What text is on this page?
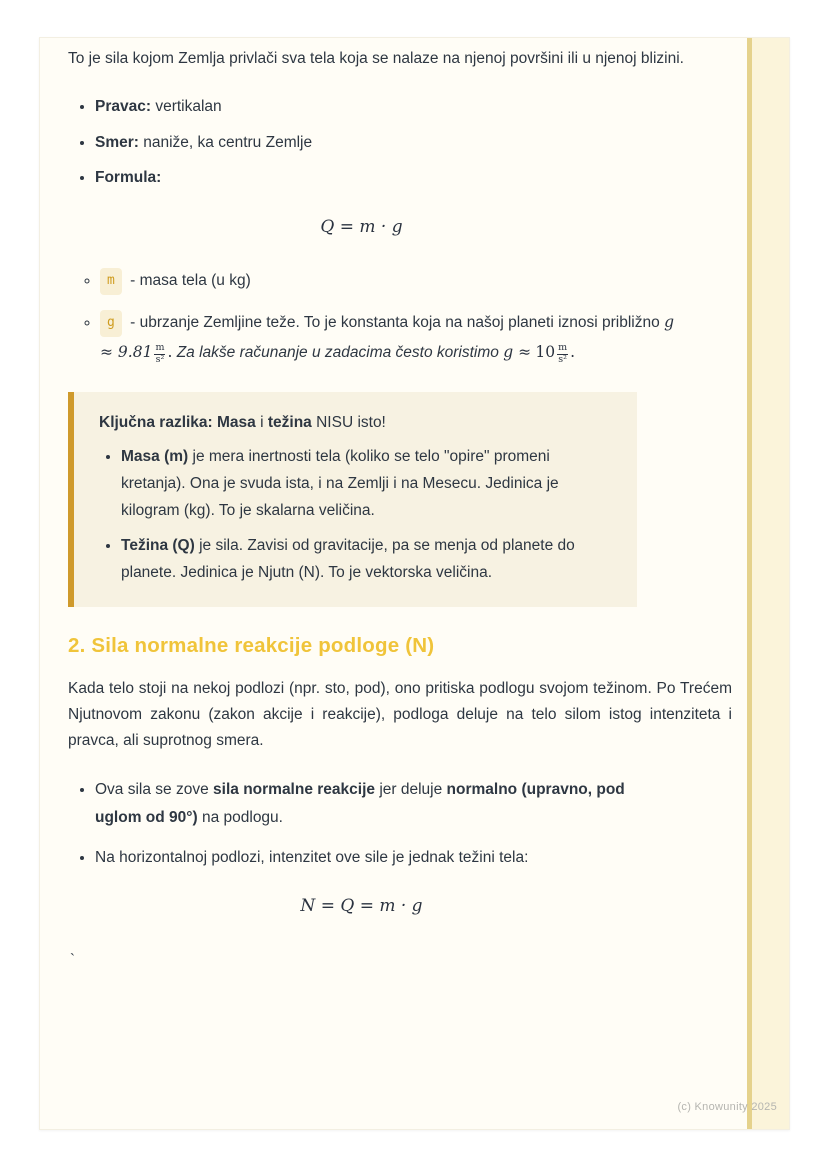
To je sila kojom Zemlja privlači sva tela koja se nalaze na njenoj površini ili u njenoj blizini.

• Pravac: vertikalan
• Smer: naniže, ka centru Zemlje
• Formula:
Q = m · g
◦ m - masa tela (u kg)
◦ g - ubrzanje Zemljine teže. To je konstanta koja na našoj planeti iznosi približno $g \approx 9.81 \frac{m}{\text{s²}}$ . Za lakše računanje u zadacima često koristimo $g \approx 10 \frac{m}{\text{s²}}$ .

Ključna razlika: Masa i težina NISU isto!

• Masa (m) je mera inertnosti tela (koliko se telo "opire" promeni kretanja). Ona je svuda ista, i na Zemlji i na Mesecu. Jedinica je kilogram (kg). To je skalarna veličina.
• Težina (Q) je sila. Zavisi od gravitacije, pa se menja od planete do planete. Jedinica je Njutn (N). To je vektorska veličina.
2. Sila normalne reakcije podloge (N)

Kada telo stoji na nekoj podlozi (npr. sto, pod), ono pritiska podlogu svojom težinom. Po Trećem Njutnovom zakonu (zakon akcije i reakcije), podloga deluje na telo silom istog intenziteta i pravca, ali suprotnog smera.

• Ova sila se zove sila normalne reakcije jer deluje normalno (upravno, pod uglom od 90°) na podlogu.
• Na horizontalnoj podlozi, intenzitet ove sile je jednak težini tela:
N = Q = m · g
`
(c) Knowunity 2025
